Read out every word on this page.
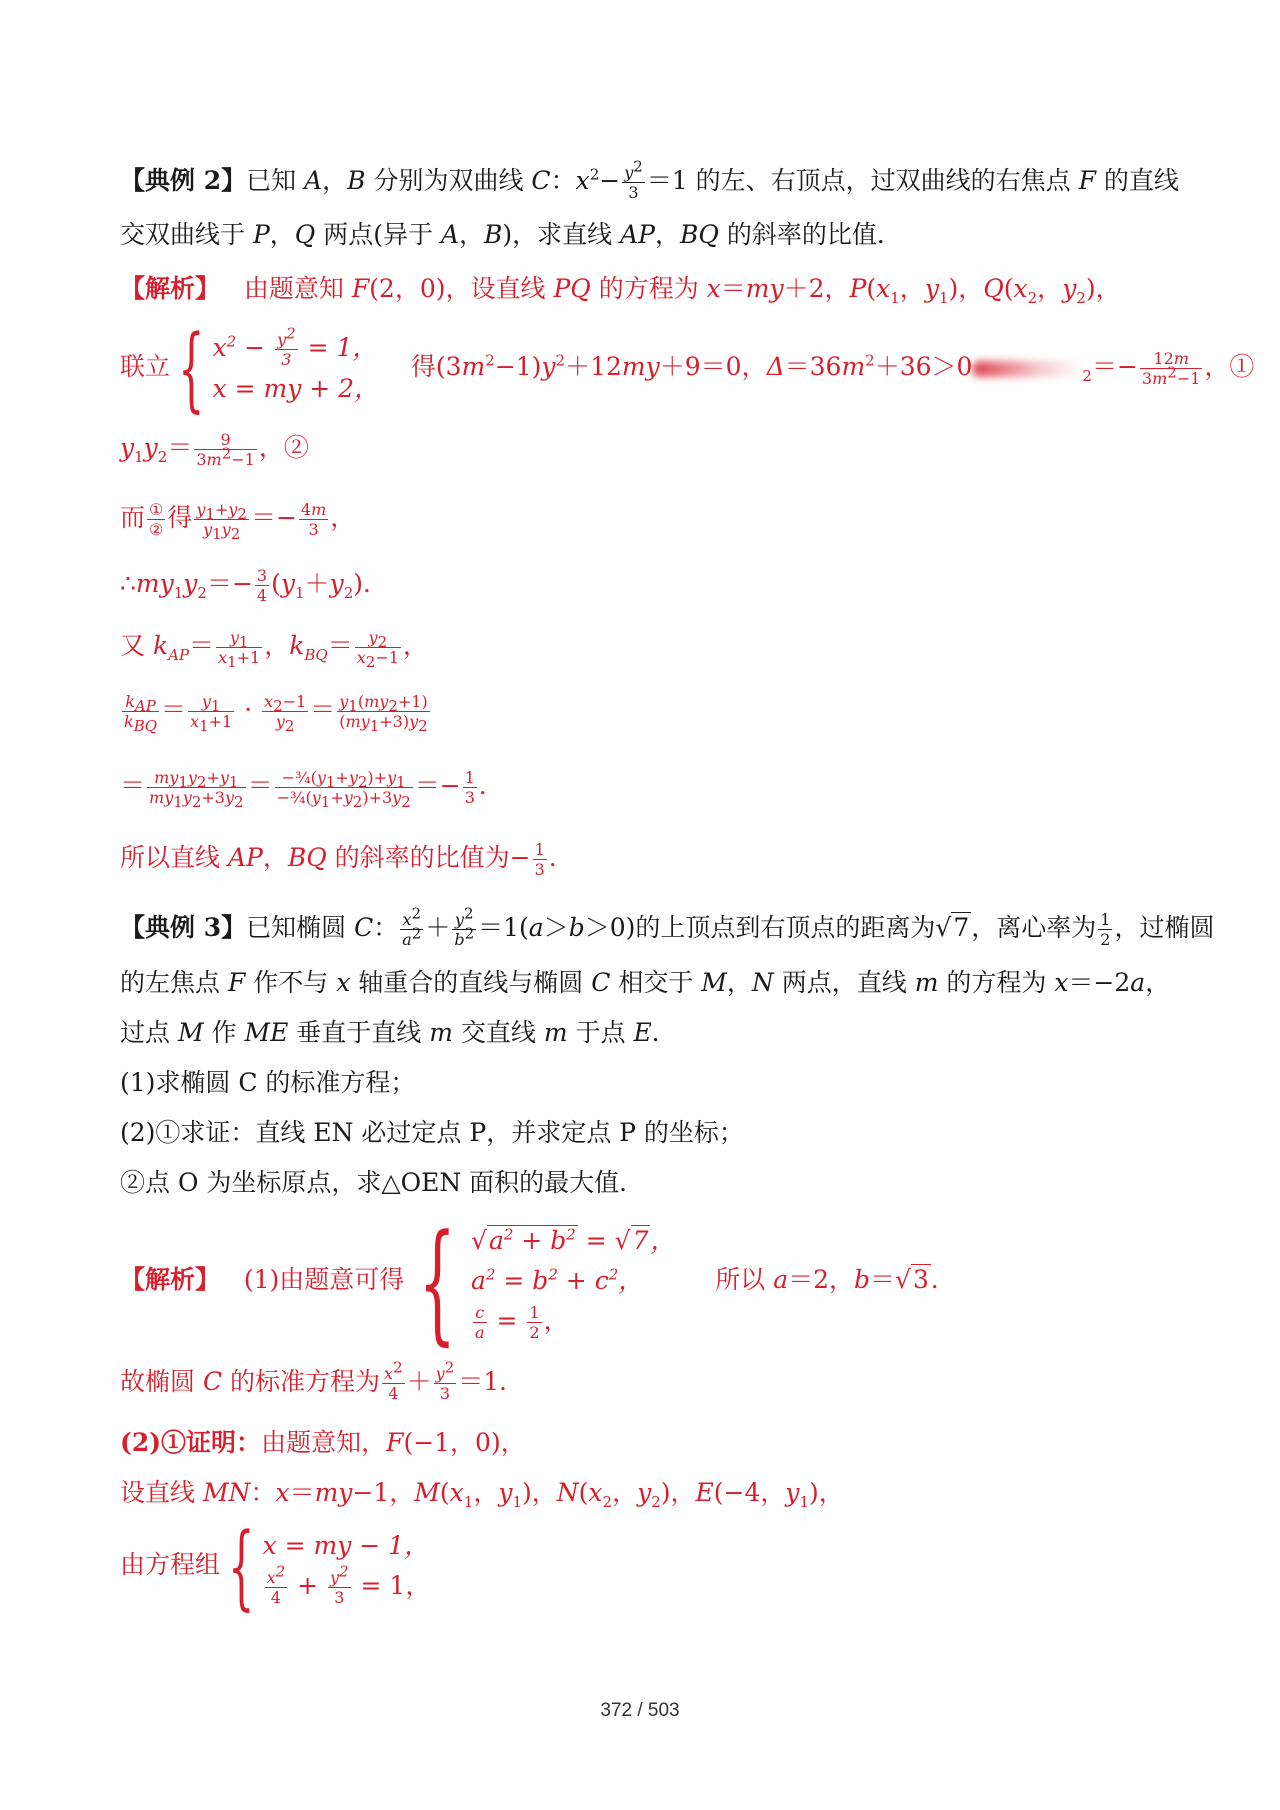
【典例 2】已知 A，B 分别为双曲线 C：$x^2- \frac{y^2}{3} =1$ 的左、右顶点，过双曲线的右焦点 F 的直线
交双曲线于 P，Q 两点(异于 A，B)，求直线 AP，BQ 的斜率的比值．
【解析】   由题意知 F(2，0)，设直线 PQ 的方程为 x＝my＋2，$P(x_1$，$y_1$)，$Q(x_2$，$y_2$)，
联立{ $x^2 - \frac{y^2}{3} = 1$，
x = my + 2，
得$(3m^2-1)y^2+12my+9=0$，$\Delta=36m^2+36>0$	$_2=- \frac{12m}{3m^2-1}$ ，①
$y_1y_2= \frac{9}{3m^2-1}$ ，②
而 $\frac{\text{①}}{\text{②}}$ 得 $\frac{y_1+y_2}{y_1y_2} =- \frac{4m}{3}$ ，
$\therefore my_1y_2=- \frac{3}{4} (y_1+y_2)$．
又 $k_{AP}= \frac{y_1}{x_1+1}$ ，$k_{BQ}= \frac{y_2}{x_2-1}$ ，
$\frac{k_{AP}}{k_{BQ}} = \frac{y_1}{x_1+1} \cdot \frac{x_2-1}{y_2} = \frac{y_1(my_2+1)}{(my_1+3)y_2}$
＝ $\frac{my_1y_2+y_1}{my_1y_2+3y_2} = \frac{-\frac{3}{4}(y_1+y_2)+y_1}{-\frac{3}{4}(y_1+y_2)+3y_2} =- \frac{1}{3}$ ．
所以直线 AP，BQ 的斜率的比值为− $\frac{1}{3}$ ．
【典例 3】已知椭圆 C： $\frac{x^2}{a^2} + \frac{y^2}{b^2} =1(a>b>0)$的上顶点到右顶点的距离为√7，离心率为 $\frac{1}{2}$ ，过椭圆
的左焦点 F 作不与 x 轴重合的直线与椭圆 C 相交于 M，N 两点，直线 m 的方程为 x＝−2a，
过点 M 作 ME 垂直于直线 m 交直线 m 于点 E．
(1)求椭圆 C 的标准方程；
(2)①求证：直线 EN 必过定点 P，并求定点 P 的坐标；
②点 O 为坐标原点，求△OEN 面积的最大值．
【解析】 (1)由题意可得 { $√a^2 + b^2 = √7$，
$a^2 = b^2 + c^2$，
$\frac{c}{a} = \frac{1}{2}$ ，
所以 a＝2，b＝√3．
故椭圆 C 的标准方程为 $\frac{x^2}{4} + \frac{y^2}{3} =1$．
(2)①证明：由题意知，F(−1，0)，
设直线 MN：x＝my−1，$M(x_1$，$y_1$)，$N(x_2$，$y_2$)，E(−4，$y_1$)，
由方程组{ x = my − 1，
$\frac{x^2}{4} + \frac{y^2}{3} = 1$，
372 / 503
